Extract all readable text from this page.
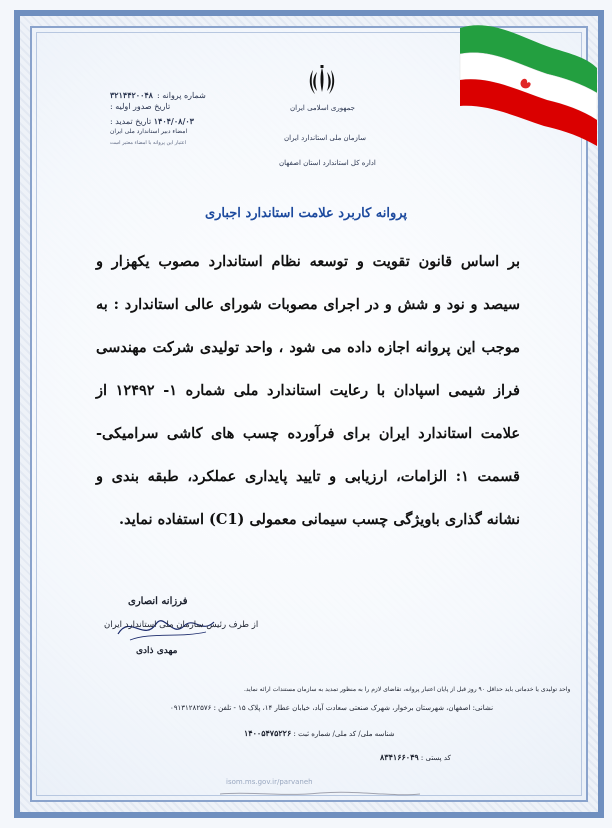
جمهوری اسلامی ایران
سازمان ملی استاندارد ایران
اداره کل استاندارد استان اصفهان
شماره پروانه :۳۲۱۴۴۲۰۰۴۸
تاریخ صدور اولیه :
۱۴۰۴/۰۸/۰۳ تاریخ تمدید :
امضاء دبیر استاندارد ملی ایران
اعتبار این پروانه با امضاء معتبر است
پروانه کاربرد علامت استاندارد اجباری
بر اساس قانون تقویت و توسعه نظام استاندارد مصوب یکهزار و سیصد و نود و شش و در اجرای مصوبات شورای عالی استاندارد : به موجب این پروانه اجازه داده می شود ، واحد تولیدی شرکت مهندسی فراز شیمی اسپادان با رعایت استاندارد ملی شماره ۱- ۱۲۴۹۲ از علامت استاندارد ایران برای فرآورده چسب های کاشی سرامیکی- قسمت ۱: الزامات، ارزیابی و تایید پایداری عملکرد، طبقه بندی و نشانه گذاری باویژگی چسب سیمانی معمولی (C1) استفاده نماید.
فرزانه انصاری
از طرف رئیس سازمان ملی استاندارد ایران
مهدی ذادی
واحد تولیدی یا خدماتی باید حداقل ۹۰ روز قبل از پایان اعتبار پروانه، تقاضای لازم را به منظور تمدید به سازمان مستندات ارائه نماید.
نشانی: اصفهان، شهرستان برخوار، شهرک صنعتی سعادت آباد، خیابان عطار ۱۴، پلاک ۱۵ - تلفن : ۰۹۱۳۱۲۸۲۵۷۶
شناسه ملی/ کد ملی/ شماره ثبت : ۱۴۰۰۵۴۷۵۲۲۶
کد پستی : ۸۳۴۱۶۶۰۴۹
isom.ms.gov.ir/parvaneh
